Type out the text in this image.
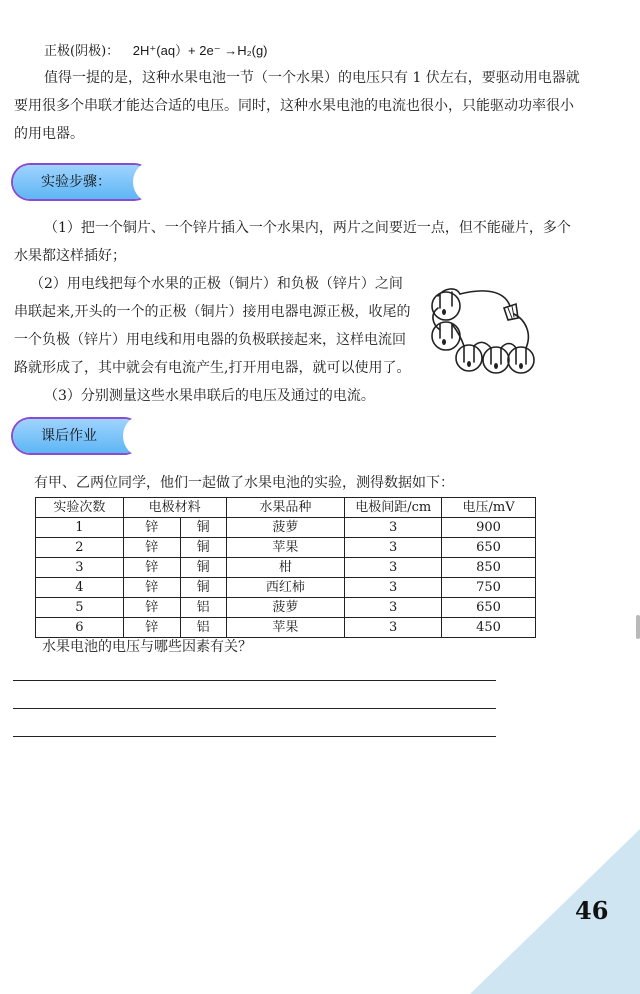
正极(阴极)： 2H⁺(aq）+ 2e⁻ →H₂(g)
值得一提的是，这种水果电池一节（一个水果）的电压只有 1 伏左右，要驱动用电器就
要用很多个串联才能达合适的电压。同时，这种水果电池的电流也很小，只能驱动功率很小
的用电器。
实验步骤：
（1）把一个铜片、一个锌片插入一个水果内，两片之间要近一点，但不能碰片，多个
水果都这样插好；
（2）用电线把每个水果的正极（铜片）和负极（锌片）之间
串联起来,开头的一个的正极（铜片）接用电器电源正极，收尾的
一个负极（锌片）用电线和用电器的负极联接起来，这样电流回
路就形成了，其中就会有电流产生,打开用电器，就可以使用了。
（3）分别测量这些水果串联后的电压及通过的电流。
课后作业
有甲、乙两位同学，他们一起做了水果电池的实验，测得数据如下：
实验次数	电极材料		水果品种	电极间距/cm	电压/mV
1	锌	铜	菠萝	3	900
2	锌	铜	苹果	3	650
3	锌	铜	柑	3	850
4	锌	铜	西红柿	3	750
5	锌	铝	菠萝	3	650
6	锌	铝	苹果	3	450
水果电池的电压与哪些因素有关？
46
